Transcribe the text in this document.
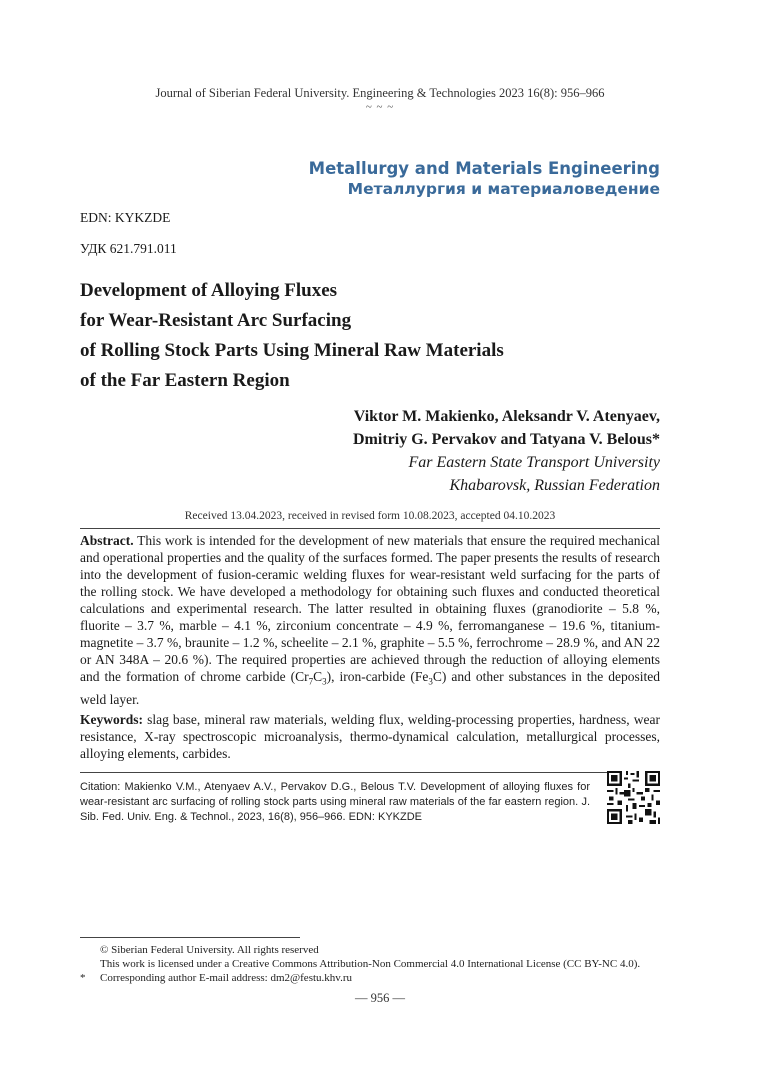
Journal of Siberian Federal University. Engineering & Technologies 2023 16(8): 956–966
~ ~ ~
Metallurgy and Materials Engineering
Металлургия и материаловедение
EDN: KYKZDE
УДК 621.791.011
Development of Alloying Fluxes
for Wear-Resistant Arc Surfacing
of Rolling Stock Parts Using Mineral Raw Materials
of the Far Eastern Region
Viktor M. Makienko, Aleksandr V. Atenyaev,
Dmitriy G. Pervakov and Tatyana V. Belous*
Far Eastern State Transport University
Khabarovsk, Russian Federation
Received 13.04.2023, received in revised form 10.08.2023, accepted 04.10.2023
Abstract. This work is intended for the development of new materials that ensure the required mechanical and operational properties and the quality of the surfaces formed. The paper presents the results of research into the development of fusion-ceramic welding fluxes for wear-resistant weld surfacing for the parts of the rolling stock. We have developed a methodology for obtaining such fluxes and conducted theoretical calculations and experimental research. The latter resulted in obtaining fluxes (granodiorite – 5.8 %, fluorite – 3.7 %, marble – 4.1 %, zirconium concentrate – 4.9 %, ferromanganese – 19.6 %, titanium-magnetite – 3.7 %, braunite – 1.2 %, scheelite – 2.1 %, graphite – 5.5 %, ferrochrome – 28.9 %, and AN 22 or AN 348A – 20.6 %). The required properties are achieved through the reduction of alloying elements and the formation of chrome carbide $(Cr_7C_3)$, iron-carbide $(Fe_3C)$ and other substances in the deposited weld layer.
Keywords: slag base, mineral raw materials, welding flux, welding-processing properties, hardness, wear resistance, X-ray spectroscopic microanalysis, thermo-dynamical calculation, metallurgical processes, alloying elements, carbides.
Citation: Makienko V.M., Atenyaev A.V., Pervakov D.G., Belous T.V. Development of alloying fluxes for wear-resistant arc surfacing of rolling stock parts using mineral raw materials of the far eastern region. J. Sib. Fed. Univ. Eng. & Technol., 2023, 16(8), 956–966. EDN: KYKZDE
© Siberian Federal University. All rights reserved
This work is licensed under a Creative Commons Attribution-Non Commercial 4.0 International License (CC BY-NC 4.0).
* Corresponding author E-mail address: dm2@festu.khv.ru
― 956 ―
